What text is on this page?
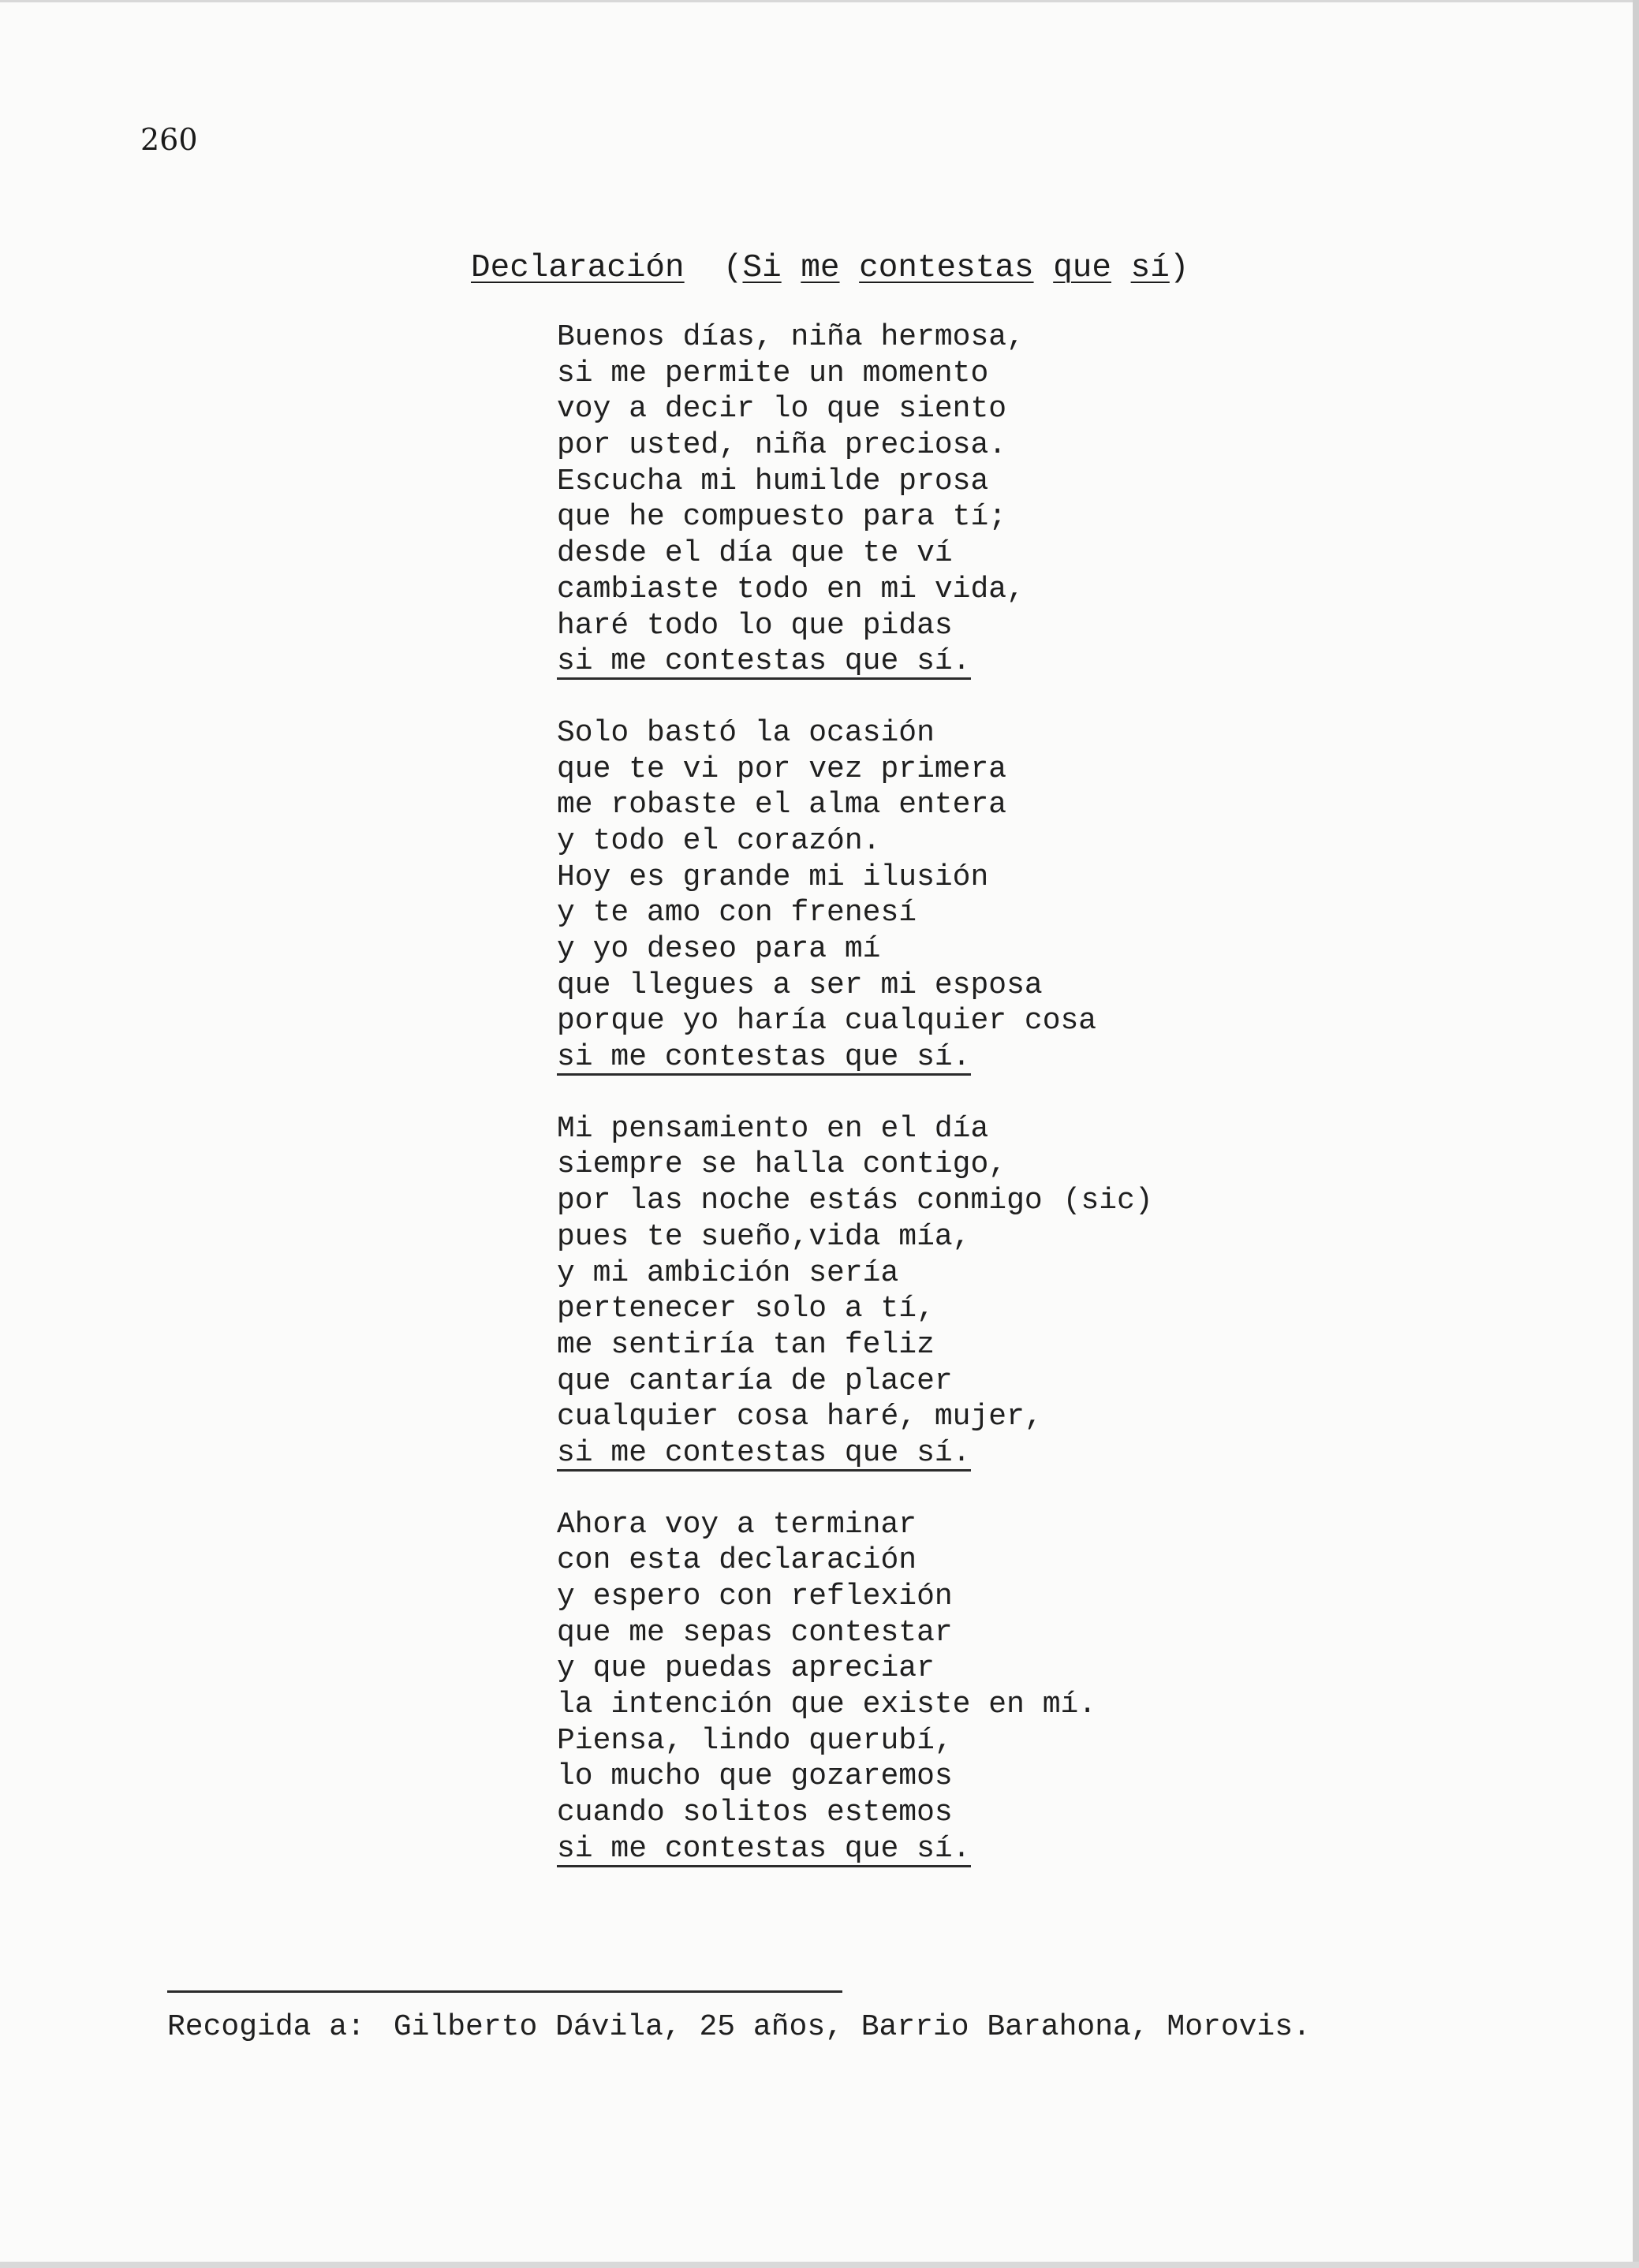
260
Declaración (Si me contestas que sí)
Buenos días, niña hermosa,
si me permite un momento
voy a decir lo que siento
por usted, niña preciosa.
Escucha mi humilde prosa
que he compuesto para tí;
desde el día que te ví
cambiaste todo en mi vida,
haré todo lo que pidas
si me contestas que sí.
Solo bastó la ocasión
que te vi por vez primera
me robaste el alma entera
y todo el corazón.
Hoy es grande mi ilusión
y te amo con frenesí
y yo deseo para mí
que llegues a ser mi esposa
porque yo haría cualquier cosa
si me contestas que sí.
Mi pensamiento en el día
siempre se halla contigo,
por las noche estás conmigo (sic)
pues te sueño,vida mía,
y mi ambición sería
pertenecer solo a tí,
me sentiría tan feliz
que cantaría de placer
cualquier cosa haré, mujer,
si me contestas que sí.
Ahora voy a terminar
con esta declaración
y espero con reflexión
que me sepas contestar
y que puedas apreciar
la intención que existe en mí.
Piensa, lindo querubí,
lo mucho que gozaremos
cuando solitos estemos
si me contestas que sí.
Recogida a: Gilberto Dávila, 25 años, Barrio Barahona, Morovis.
